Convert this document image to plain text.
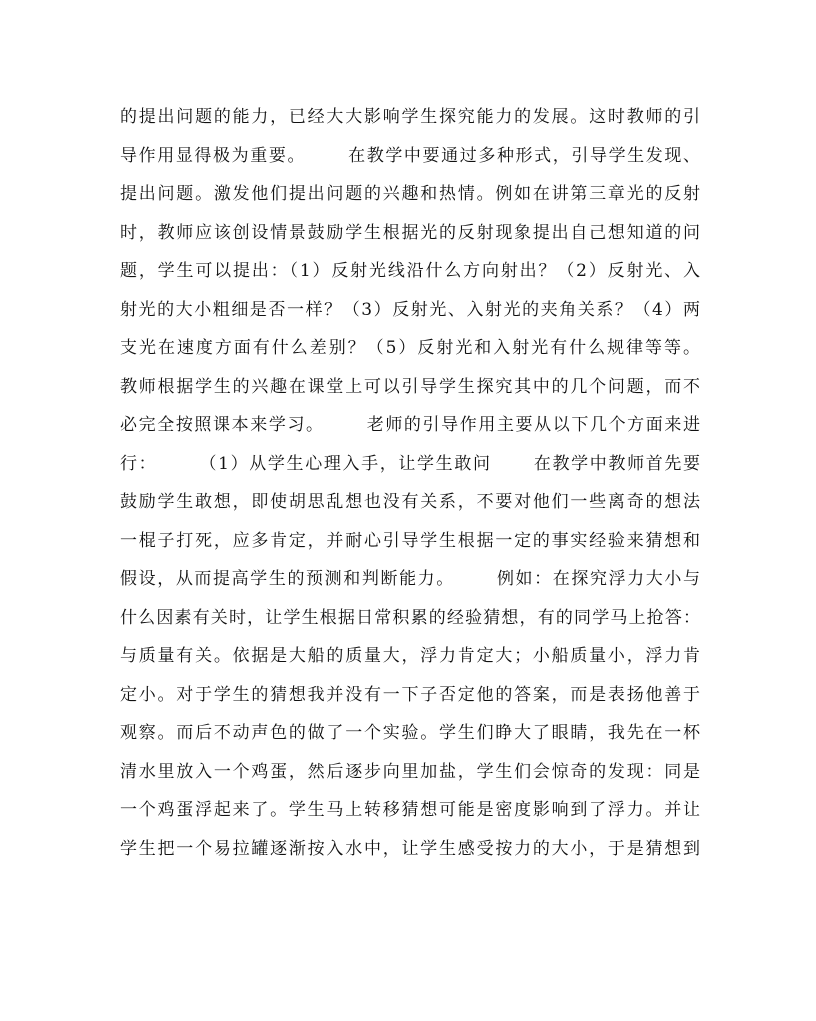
的提出问题的能力，已经大大影响学生探究能力的发展。这时教师的引
导作用显得极为重要。      在教学中要通过多种形式，引导学生发现、
提出问题。激发他们提出问题的兴趣和热情。例如在讲第三章光的反射
时，教师应该创设情景鼓励学生根据光的反射现象提出自己想知道的问
题，学生可以提出：（1）反射光线沿什么方向射出？（2）反射光、入
射光的大小粗细是否一样？（3）反射光、入射光的夹角关系？（4）两
支光在速度方面有什么差别？（5）反射光和入射光有什么规律等等。
教师根据学生的兴趣在课堂上可以引导学生探究其中的几个问题，而不
必完全按照课本来学习。      老师的引导作用主要从以下几个方面来进
行：      （1）从学生心理入手，让学生敢问      在教学中教师首先要
鼓励学生敢想，即使胡思乱想也没有关系，不要对他们一些离奇的想法
一棍子打死，应多肯定，并耐心引导学生根据一定的事实经验来猜想和
假设，从而提高学生的预测和判断能力。      例如：在探究浮力大小与
什么因素有关时，让学生根据日常积累的经验猜想，有的同学马上抢答：
与质量有关。依据是大船的质量大，浮力肯定大；小船质量小，浮力肯
定小。对于学生的猜想我并没有一下子否定他的答案，而是表扬他善于
观察。而后不动声色的做了一个实验。学生们睁大了眼睛，我先在一杯
清水里放入一个鸡蛋，然后逐步向里加盐，学生们会惊奇的发现：同是
一个鸡蛋浮起来了。学生马上转移猜想可能是密度影响到了浮力。并让
学生把一个易拉罐逐渐按入水中，让学生感受按力的大小，于是猜想到
